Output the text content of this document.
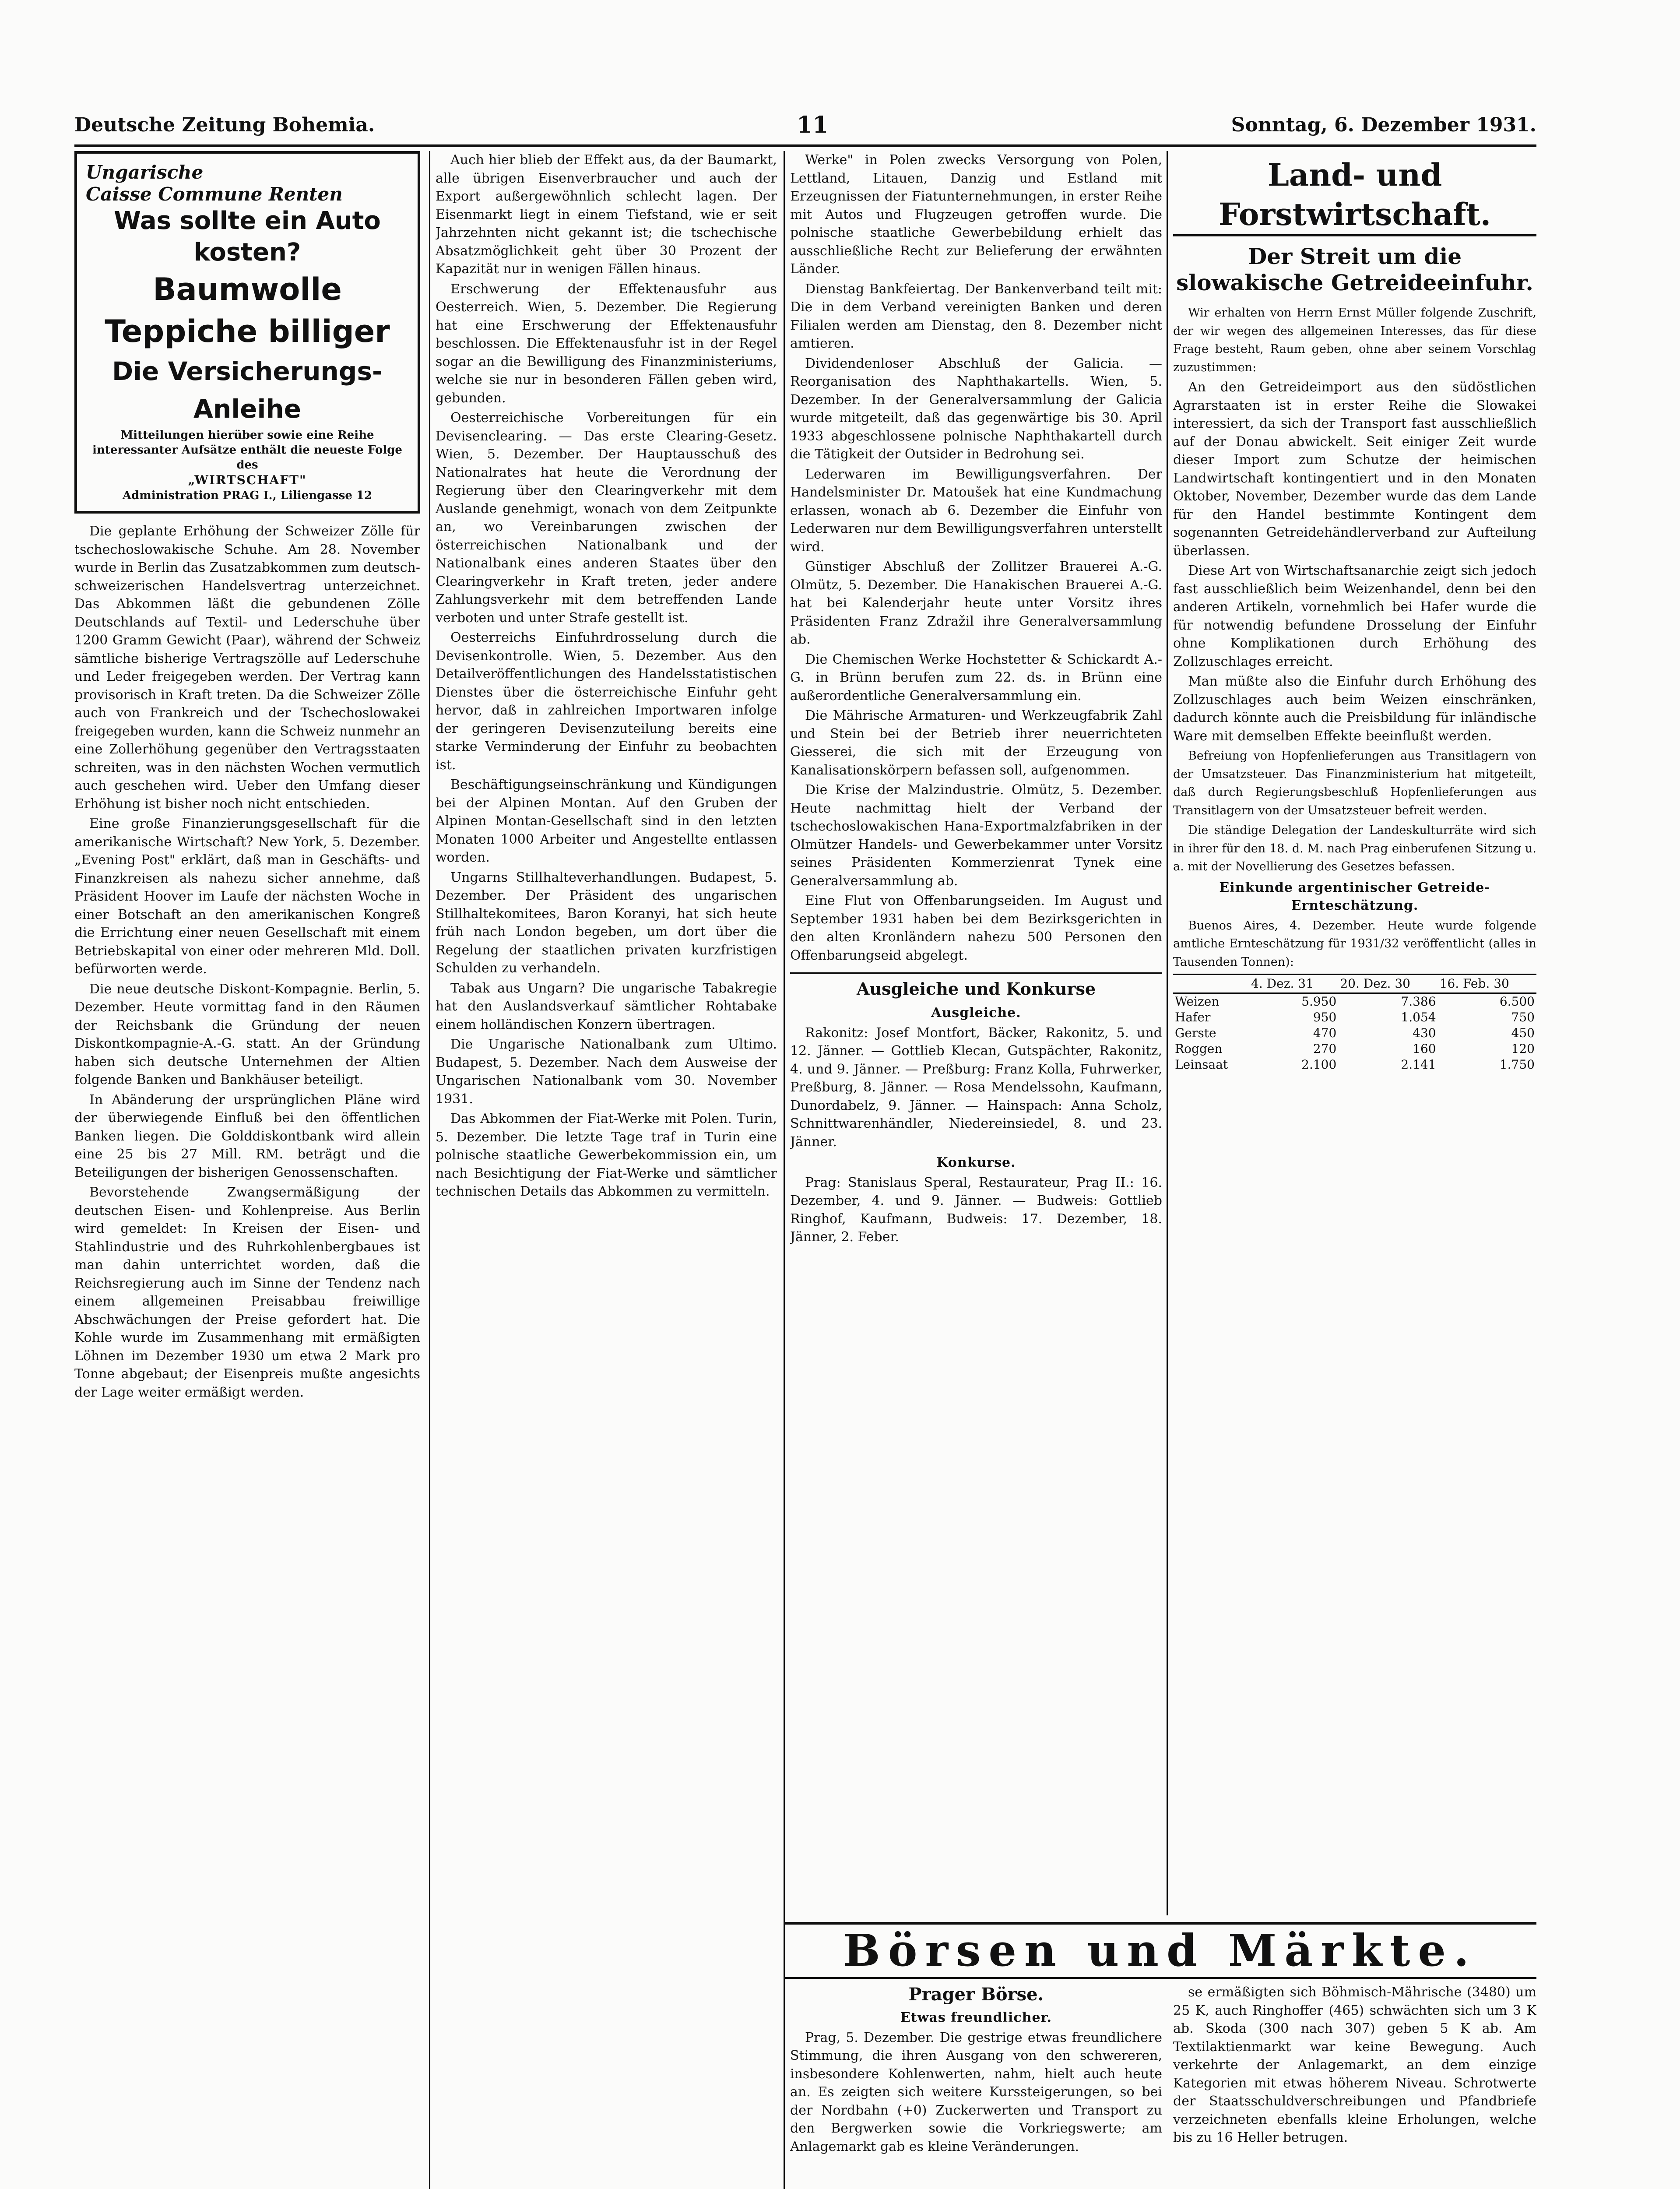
Deutsche Zeitung Bohemia.	11	Sonntag, 6. Dezember 1931.
Ungarische
Caisse Commune Renten
Was sollte ein Auto kosten?
Baumwolle
Teppiche billiger
Die Versicherungs-Anleihe
Mitteilungen hierüber sowie eine Reihe interessanter Aufsätze enthält die neueste Folge des
„WIRTSCHAFT"
Administration PRAG I., Liliengasse 12

Die geplante Erhöhung der Schweizer Zölle für tschechoslowakische Schuhe. Am 28. November wurde in Berlin das Zusatzabkommen zum deutsch-schweizerischen Handelsvertrag unterzeichnet. Das Abkommen läßt die gebundenen Zölle Deutschlands auf Textil- und Lederschuhe über 1200 Gramm Gewicht (Paar), während der Schweiz sämtliche bisherige Vertragszölle auf Lederschuhe und Leder freigegeben werden. Der Vertrag kann provisorisch in Kraft treten. Da die Schweizer Zölle auch von Frankreich und der Tschechoslowakei freigegeben wurden, kann die Schweiz nunmehr an eine Zollerhöhung gegenüber den Vertragsstaaten schreiten, was in den nächsten Wochen vermutlich auch geschehen wird. Ueber den Umfang dieser Erhöhung ist bisher noch nicht entschieden.

Eine große Finanzierungsgesellschaft für die amerikanische Wirtschaft? New York, 5. Dezember. „Evening Post" erklärt, daß man in Geschäfts- und Finanzkreisen als nahezu sicher annehme, daß Präsident Hoover im Laufe der nächsten Woche in einer Botschaft an den amerikanischen Kongreß die Errichtung einer neuen Gesellschaft mit einem Betriebskapital von einer oder mehreren Mld. Doll. befürworten werde.

Die neue deutsche Diskont-Kompagnie. Berlin, 5. Dezember. Heute vormittag fand in den Räumen der Reichsbank die Gründung der neuen Diskontkompagnie-A.-G. statt. An der Gründung haben sich deutsche Unternehmen der Altien folgende Banken und Bankhäuser beteiligt.

In Abänderung der ursprünglichen Pläne wird der überwiegende Einfluß bei den öffentlichen Banken liegen. Die Golddiskontbank wird allein eine 25 bis 27 Mill. RM. beträgt und die Beteiligungen der bisherigen Genossenschaften.

Bevorstehende Zwangsermäßigung der deutschen Eisen- und Kohlenpreise. Aus Berlin wird gemeldet: In Kreisen der Eisen- und Stahlindustrie und des Ruhrkohlenbergbaues ist man dahin unterrichtet worden, daß die Reichsregierung auch im Sinne der Tendenz nach einem allgemeinen Preisabbau freiwillige Abschwächungen der Preise gefordert hat. Die Kohle wurde im Zusammenhang mit ermäßigten Löhnen im Dezember 1930 um etwa 2 Mark pro Tonne abgebaut; der Eisenpreis mußte angesichts der Lage weiter ermäßigt werden.

Auch hier blieb der Effekt aus, da der Baumarkt, alle übrigen Eisenverbraucher und auch der Export außergewöhnlich schlecht lagen. Der Eisenmarkt liegt in einem Tiefstand, wie er seit Jahrzehnten nicht gekannt ist; die tschechische Absatzmöglichkeit geht über 30 Prozent der Kapazität nur in wenigen Fällen hinaus.

Erschwerung der Effektenausfuhr aus Oesterreich. Wien, 5. Dezember. Die Regierung hat eine Erschwerung der Effektenausfuhr beschlossen. Die Effektenausfuhr ist in der Regel sogar an die Bewilligung des Finanzministeriums, welche sie nur in besonderen Fällen geben wird, gebunden.

Oesterreichische Vorbereitungen für ein Devisenclearing. — Das erste Clearing-Gesetz. Wien, 5. Dezember. Der Hauptausschuß des Nationalrates hat heute die Verordnung der Regierung über den Clearingverkehr mit dem Auslande genehmigt, wonach von dem Zeitpunkte an, wo Vereinbarungen zwischen der österreichischen Nationalbank und der Nationalbank eines anderen Staates über den Clearingverkehr in Kraft treten, jeder andere Zahlungsverkehr mit dem betreffenden Lande verboten und unter Strafe gestellt ist.

Oesterreichs Einfuhrdrosselung durch die Devisenkontrolle. Wien, 5. Dezember. Aus den Detailveröffentlichungen des Handelsstatistischen Dienstes über die österreichische Einfuhr geht hervor, daß in zahlreichen Importwaren infolge der geringeren Devisenzuteilung bereits eine starke Verminderung der Einfuhr zu beobachten ist.

Beschäftigungseinschränkung und Kündigungen bei der Alpinen Montan. Auf den Gruben der Alpinen Montan-Gesellschaft sind in den letzten Monaten 1000 Arbeiter und Angestellte entlassen worden.

Ungarns Stillhalteverhandlungen. Budapest, 5. Dezember. Der Präsident des ungarischen Stillhaltekomitees, Baron Koranyi, hat sich heute früh nach London begeben, um dort über die Regelung der staatlichen privaten kurzfristigen Schulden zu verhandeln.

Tabak aus Ungarn? Die ungarische Tabakregie hat den Auslandsverkauf sämtlicher Rohtabake einem holländischen Konzern übertragen.

Die Ungarische Nationalbank zum Ultimo. Budapest, 5. Dezember. Nach dem Ausweise der Ungarischen Nationalbank vom 30. November 1931.

Das Abkommen der Fiat-Werke mit Polen. Turin, 5. Dezember. Die letzte Tage traf in Turin eine polnische staatliche Gewerbekommission ein, um nach Besichtigung der Fiat-Werke und sämtlicher technischen Details das Abkommen zu vermitteln.

Werke" in Polen zwecks Versorgung von Polen, Lettland, Litauen, Danzig und Estland mit Erzeugnissen der Fiatunternehmungen, in erster Reihe mit Autos und Flugzeugen getroffen wurde. Die polnische staatliche Gewerbebildung erhielt das ausschließliche Recht zur Belieferung der erwähnten Länder.

Dienstag Bankfeiertag. Der Bankenverband teilt mit: Die in dem Verband vereinigten Banken und deren Filialen werden am Dienstag, den 8. Dezember nicht amtieren.

Dividendenloser Abschluß der Galicia. — Reorganisation des Naphthakartells. Wien, 5. Dezember. In der Generalversammlung der Galicia wurde mitgeteilt, daß das gegenwärtige bis 30. April 1933 abgeschlossene polnische Naphthakartell durch die Tätigkeit der Outsider in Bedrohung sei.

Lederwaren im Bewilligungsverfahren. Der Handelsminister Dr. Matoušek hat eine Kundmachung erlassen, wonach ab 6. Dezember die Einfuhr von Lederwaren nur dem Bewilligungsverfahren unterstellt wird.

Günstiger Abschluß der Zollitzer Brauerei A.-G. Olmütz, 5. Dezember. Die Hanakischen Brauerei A.-G. hat bei Kalenderjahr heute unter Vorsitz ihres Präsidenten Franz Zdražil ihre Generalversammlung ab.

Die Chemischen Werke Hochstetter & Schickardt A.-G. in Brünn berufen zum 22. ds. in Brünn eine außerordentliche Generalversammlung ein.

Die Mährische Armaturen- und Werkzeugfabrik Zahl und Stein bei der Betrieb ihrer neuerrichteten Giesserei, die sich mit der Erzeugung von Kanalisationskörpern befassen soll, aufgenommen.

Die Krise der Malzindustrie. Olmütz, 5. Dezember. Heute nachmittag hielt der Verband der tschechoslowakischen Hana-Exportmalzfabriken in der Olmützer Handels- und Gewerbekammer unter Vorsitz seines Präsidenten Kommerzienrat Tynek eine Generalversammlung ab.

Eine Flut von Offenbarungseiden. Im August und September 1931 haben bei dem Bezirksgerichten in den alten Kronländern nahezu 500 Personen den Offenbarungseid abgelegt.

Ausgleiche und Konkurse
Ausgleiche.

Rakonitz: Josef Montfort, Bäcker, Rakonitz, 5. und 12. Jänner. — Gottlieb Klecan, Gutspächter, Rakonitz, 4. und 9. Jänner. — Preßburg: Franz Kolla, Fuhrwerker, Preßburg, 8. Jänner. — Rosa Mendelssohn, Kaufmann, Dunordabelz, 9. Jänner. — Hainspach: Anna Scholz, Schnittwarenhändler, Niedereinsiedel, 8. und 23. Jänner.

Konkurse.

Prag: Stanislaus Speral, Restaurateur, Prag II.: 16. Dezember, 4. und 9. Jänner. — Budweis: Gottlieb Ringhof, Kaufmann, Budweis: 17. Dezember, 18. Jänner, 2. Feber.

Land- und Forstwirtschaft.
Der Streit um die slowakische Getreideeinfuhr.

Wir erhalten von Herrn Ernst Müller folgende Zuschrift, der wir wegen des allgemeinen Interesses, das für diese Frage besteht, Raum geben, ohne aber seinem Vorschlag zuzustimmen:

An den Getreideimport aus den südöstlichen Agrarstaaten ist in erster Reihe die Slowakei interessiert, da sich der Transport fast ausschließlich auf der Donau abwickelt. Seit einiger Zeit wurde dieser Import zum Schutze der heimischen Landwirtschaft kontingentiert und in den Monaten Oktober, November, Dezember wurde das dem Lande für den Handel bestimmte Kontingent dem sogenannten Getreidehändlerverband zur Aufteilung überlassen.

Diese Art von Wirtschaftsanarchie zeigt sich jedoch fast ausschließlich beim Weizenhandel, denn bei den anderen Artikeln, vornehmlich bei Hafer wurde die für notwendig befundene Drosselung der Einfuhr ohne Komplikationen durch Erhöhung des Zollzuschlages erreicht.

Man müßte also die Einfuhr durch Erhöhung des Zollzuschlages auch beim Weizen einschränken, dadurch könnte auch die Preisbildung für inländische Ware mit demselben Effekte beeinflußt werden.

Befreiung von Hopfenlieferungen aus Transitlagern von der Umsatzsteuer. Das Finanzministerium hat mitgeteilt, daß durch Regierungsbeschluß Hopfenlieferungen aus Transitlagern von der Umsatzsteuer befreit werden.

Die ständige Delegation der Landeskulturräte wird sich in ihrer für den 18. d. M. nach Prag einberufenen Sitzung u. a. mit der Novellierung des Gesetzes befassen.

Einkunde argentinischer Getreide-Ernteschätzung.

Buenos Aires, 4. Dezember. Heute wurde folgende amtliche Ernteschätzung für 1931/32 veröffentlicht (alles in Tausenden Tonnen):

	4. Dez. 31	20. Dez. 30	16. Feb. 30
Weizen	5.950	7.386	6.500
Hafer	950	1.054	750
Gerste	470	430	450
Roggen	270	160	120
Leinsaat	2.100	2.141	1.750
Börsen und Märkte.
Prager Börse.
Etwas freundlicher.

Prag, 5. Dezember. Die gestrige etwas freundlichere Stimmung, die ihren Ausgang von den schwereren, insbesondere Kohlenwerten, nahm, hielt auch heute an. Es zeigten sich weitere Kurssteigerungen, so bei der Nordbahn (+0) Zuckerwerten und Transport zu den Bergwerken sowie die Vorkriegswerte; am Anlagemarkt gab es kleine Veränderungen.

se ermäßigten sich Böhmisch-Mährische (3480) um 25 K, auch Ringhoffer (465) schwächten sich um 3 K ab. Skoda (300 nach 307) geben 5 K ab. Am Textilaktienmarkt war keine Bewegung. Auch verkehrte der Anlagemarkt, an dem einzige Kategorien mit etwas höherem Niveau. Schrotwerte der Staatsschuldverschreibungen und Pfandbriefe verzeichneten ebenfalls kleine Erholungen, welche bis zu 16 Heller betrugen.
